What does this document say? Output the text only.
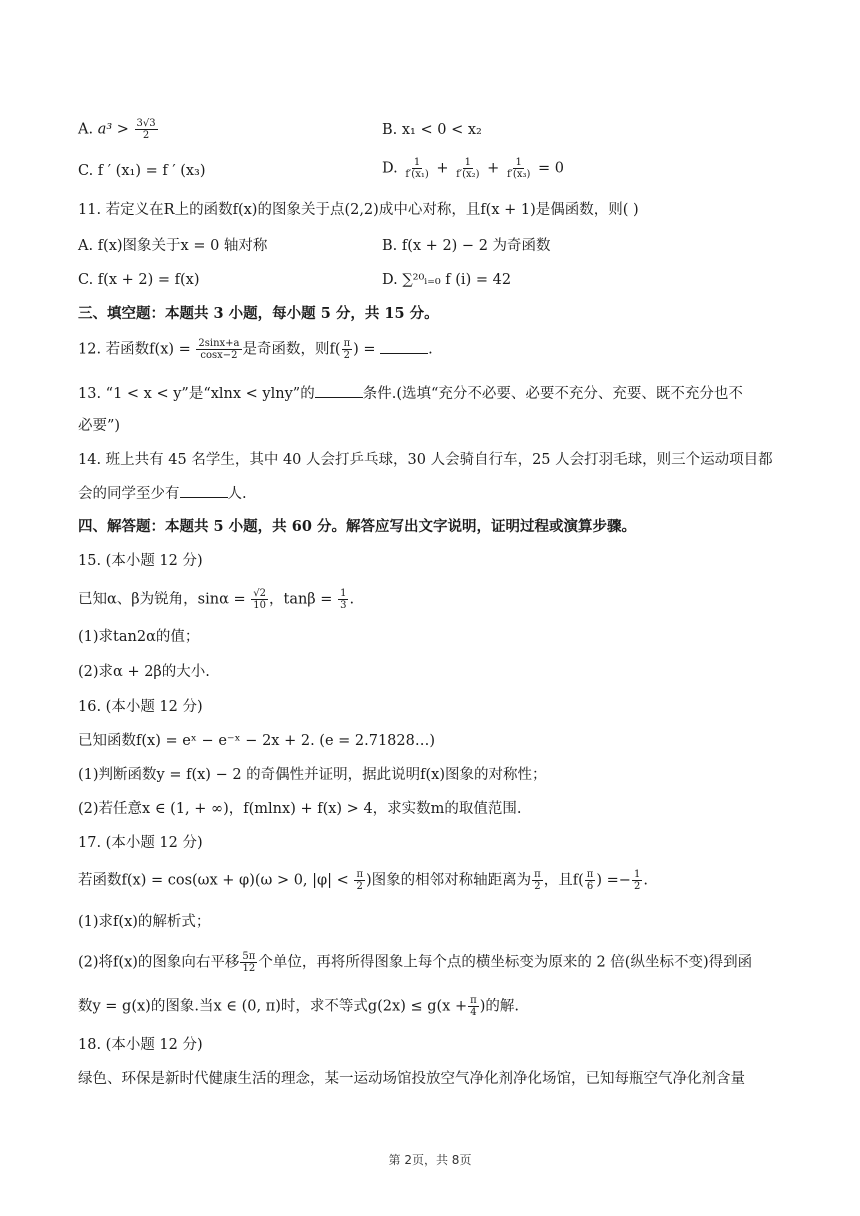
A. $a^3 > \frac{3√3}{2}$	B. x₁ < 0 < x₂
C. f ′ (x₁) = f ′ (x₃)	D. $\frac{1}{\text{f′(x₁)}} + \frac{1}{\text{f′(x₂)}} + \frac{1}{\text{f′(x₃)}} = 0$
11. 若定义在R上的函数f(x)的图象关于点(2,2)成中心对称，且f(x + 1)是偶函数，则( )
A. f(x)图象关于x = 0 轴对称	B. f(x + 2) − 2 为奇函数
C. f(x + 2) = f(x)	D. ∑²⁰ᵢ₌₀ f (i) = 42
三、填空题：本题共 3 小题，每小题 5 分，共 15 分。
12. 若函数$f(x) = \frac{2\sin x+a}{\cos x-2}$ 是奇函数，则$f( \frac{\pi}{2}$ ) =	.
13. “1 < x < y”是“xlnx < ylny”的	条件.(选填“充分不必要、必要不充分、充要、既不充分也不
必要”)
14. 班上共有 45 名学生，其中 40 人会打乒乓球，30 人会骑自行车，25 人会打羽毛球，则三个运动项目都
会的同学至少有	人.
四、解答题：本题共 5 小题，共 60 分。解答应写出文字说明，证明过程或演算步骤。
15. (本小题 12 分)
已知α、β为锐角，$\sin\alpha = \frac{√2}{10}$ ，$\tan\beta = \frac{1}{3}$ .
(1)求tan2α的值；
(2)求α + 2β的大小.
16. (本小题 12 分)
已知函数f(x) = eˣ − e⁻ˣ − 2x + 2. (e = 2.71828…)
(1)判断函数y = f(x) − 2 的奇偶性并证明，据此说明f(x)图象的对称性；
(2)若任意x ∈ (1, + ∞)，f(mlnx) + f(x) > 4，求实数m的取值范围.
17. (本小题 12 分)
若函数f(x) = cos(ωx + φ)(ω > 0, $|\varphi| < \frac{\pi}{2}$ )图象的相邻对称轴距离为 $\frac{\pi}{2}$ ，且$f( \frac{\pi}{6}$ ) =− $\frac{1}{2}$ .
(1)求f(x)的解析式；
(2)将f(x)的图象向右平移 $\frac{5\pi}{12}$ 个单位，再将所得图象上每个点的横坐标变为原来的 2 倍(纵坐标不变)得到函
数y = g(x)的图象.当x ∈ (0, π)时，求不等式$g(2x) \le g(x + \frac{\pi}{4}$ )的解.
18. (本小题 12 分)
绿色、环保是新时代健康生活的理念，某一运动场馆投放空气净化剂净化场馆，已知每瓶空气净化剂含量
第 2页，共 8页
